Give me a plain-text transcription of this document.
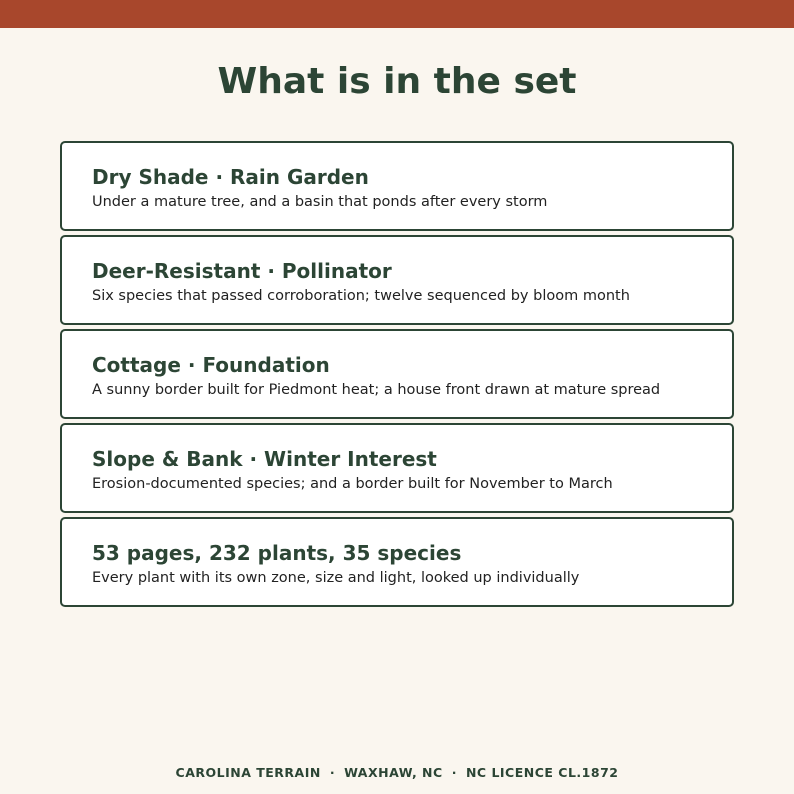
What is in the set
Dry Shade · Rain Garden
Under a mature tree, and a basin that ponds after every storm
Deer-Resistant · Pollinator
Six species that passed corroboration; twelve sequenced by bloom month
Cottage · Foundation
A sunny border built for Piedmont heat; a house front drawn at mature spread
Slope & Bank · Winter Interest
Erosion-documented species; and a border built for November to March
53 pages, 232 plants, 35 species
Every plant with its own zone, size and light, looked up individually
CAROLINA TERRAIN · WAXHAW, NC · NC LICENCE CL.1872
